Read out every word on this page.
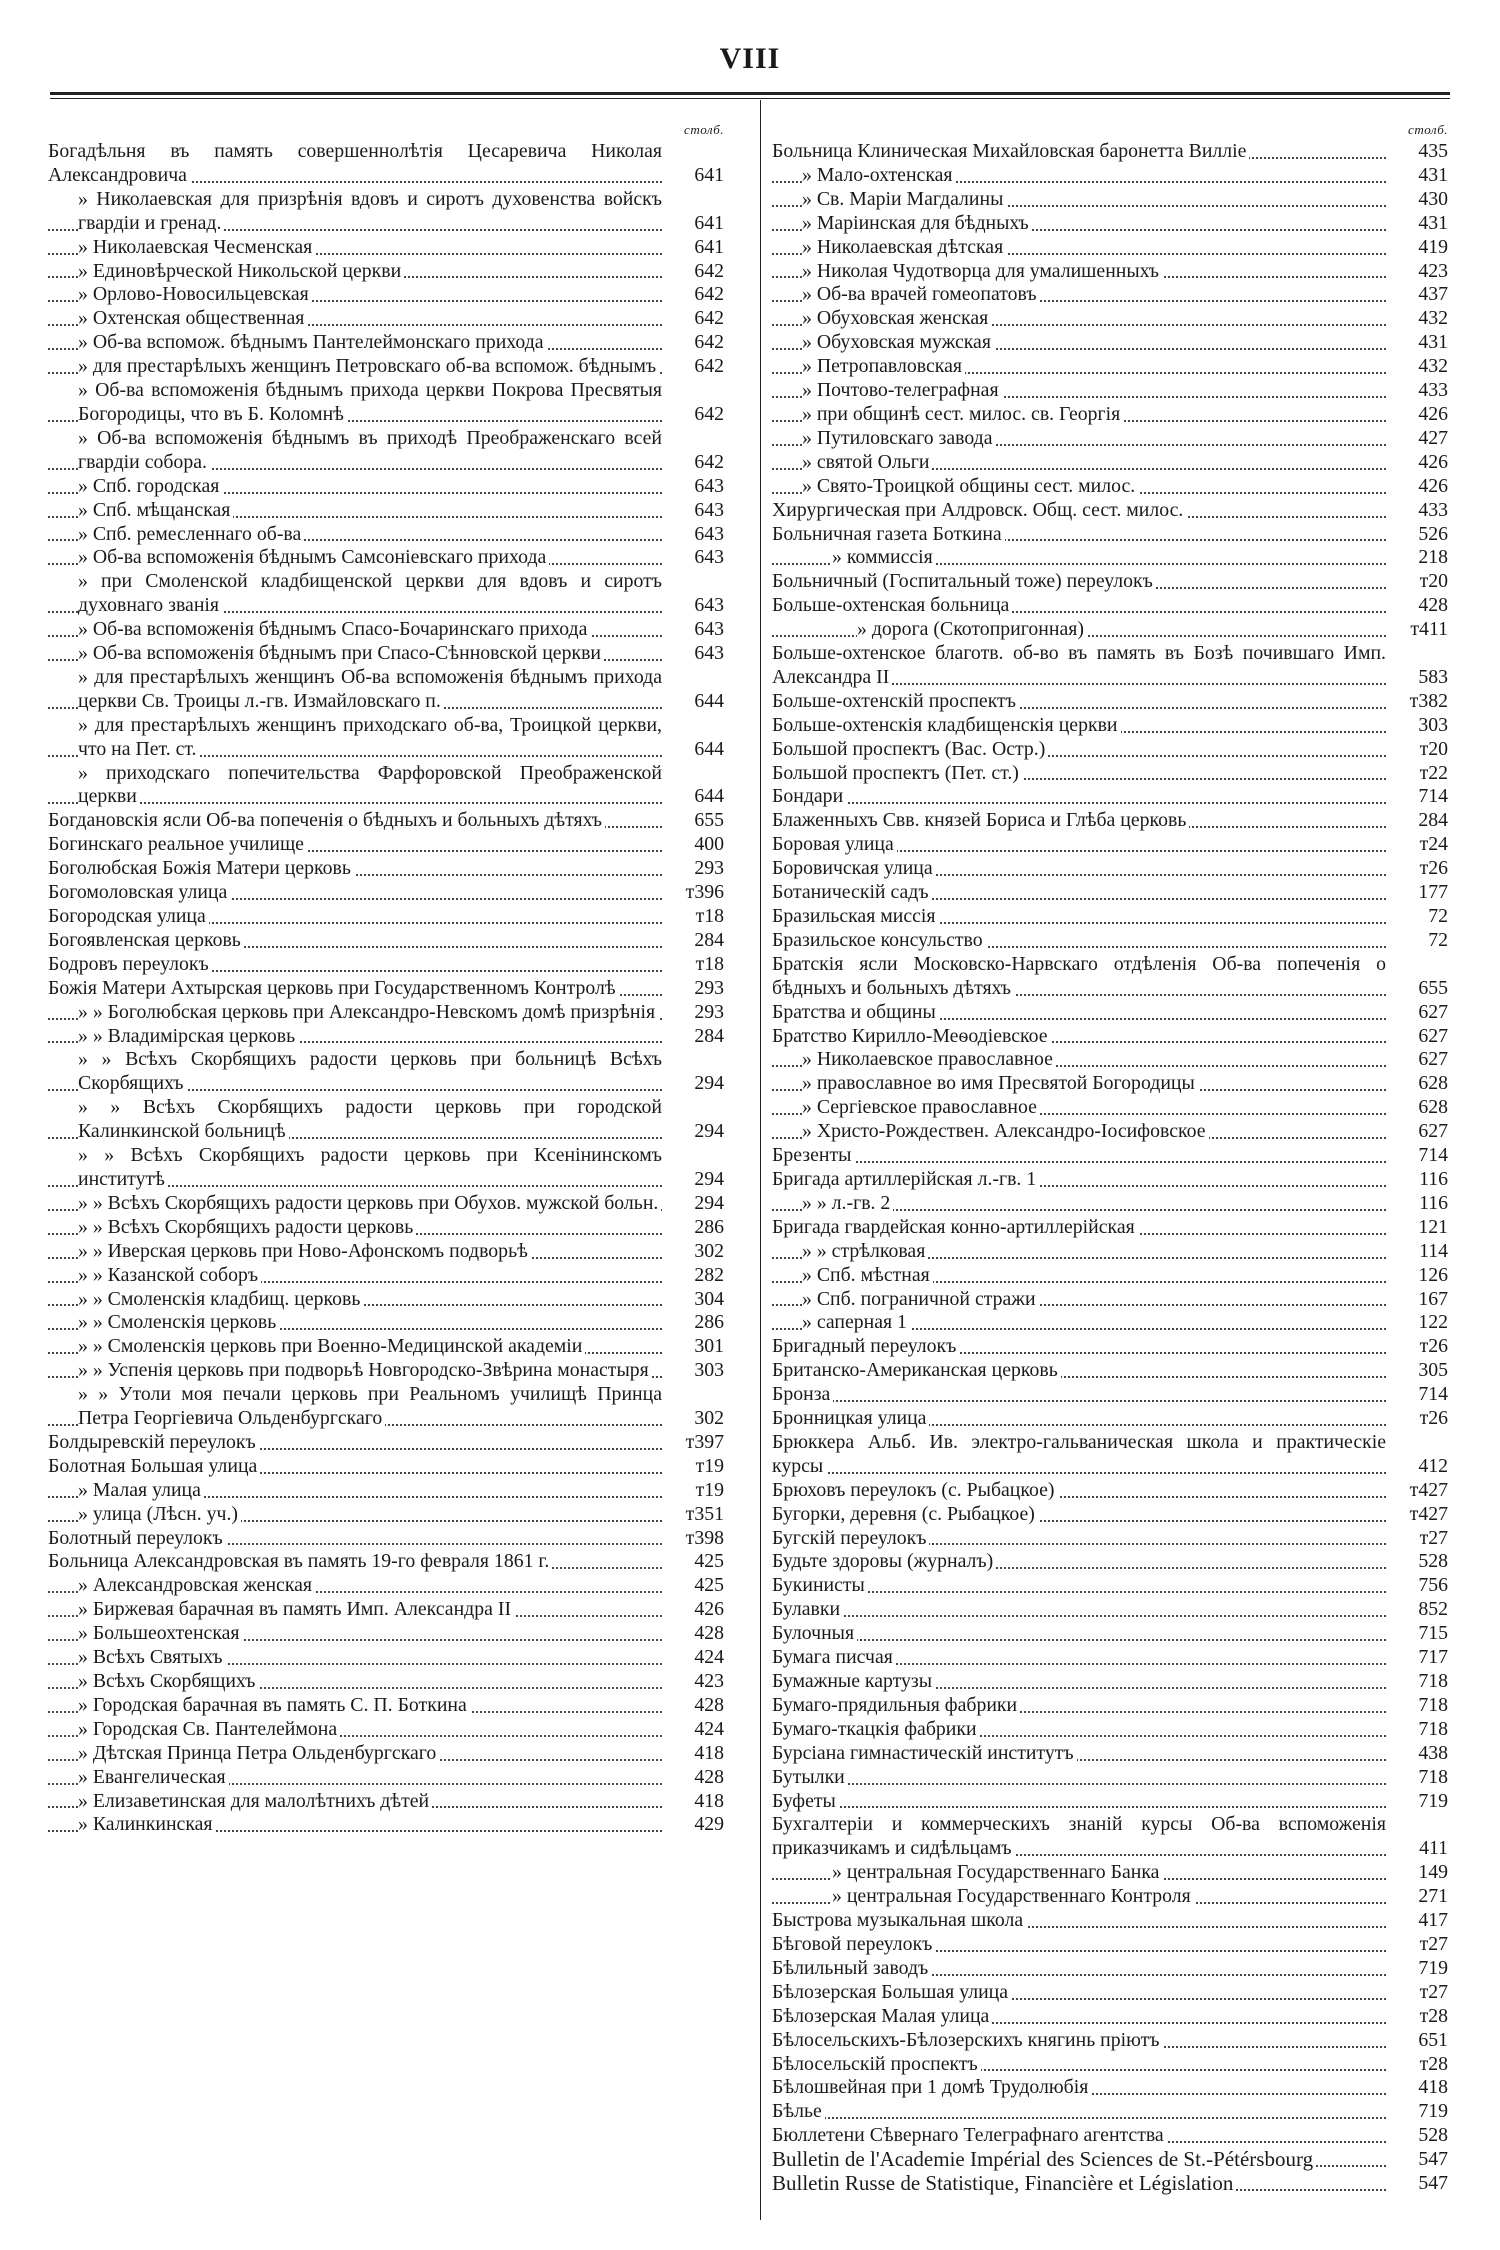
VIII
столб.
Богадѣльня въ память совершеннолѣтія Цесаревича Николая Александровича	641
» Николаевская для призрѣнія вдовъ и сиротъ духовенства войскъ гвардіи и гренад.	641
» Николаевская Чесменская	641
» Единовѣрческой Никольской церкви	642
» Орлово-Новосильцевская	642
» Охтенская общественная	642
» Об-ва вспомож. бѣднымъ Пантелеймонскаго прихода	642
» для престарѣлыхъ женщинъ Петровскаго об-ва вспомож. бѣднымъ	642
» Об-ва вспоможенія бѣднымъ прихода церкви Покрова Пресвятыя Богородицы, что въ Б. Коломнѣ	642
» Об-ва вспоможенія бѣднымъ въ приходѣ Преображенскаго всей гвардіи собора.	642
» Спб. городская	643
» Спб. мѣщанская	643
» Спб. ремесленнаго об-ва	643
» Об-ва вспоможенія бѣднымъ Самсоніевскаго прихода	643
» при Смоленской кладбищенской церкви для вдовъ и сиротъ духовнаго званія	643
» Об-ва вспоможенія бѣднымъ Спасо-Бочаринскаго прихода	643
» Об-ва вспоможенія бѣднымъ при Спасо-Сѣнновской церкви	643
» для престарѣлыхъ женщинъ Об-ва вспоможенія бѣднымъ прихода церкви Св. Троицы л.-гв. Измайловскаго п.	644
» для престарѣлыхъ женщинъ приходскаго об-ва, Троицкой церкви, что на Пет. ст.	644
» приходскаго попечительства Фарфоровской Преображенской церкви	644
Богдановскія ясли Об-ва попеченія о бѣдныхъ и больныхъ дѣтяхъ	655
Богинскаго реальное училище	400
Боголюбская Божія Матери церковь	293
Богомоловская улица	т396
Богородская улица	т18
Богоявленская церковь	284
Бодровъ переулокъ	т18
Божія Матери Ахтырская церковь при Государственномъ Контролѣ	293
» » Боголюбская церковь при Александро-Невскомъ домѣ призрѣнія	293
» » Владимірская церковь	284
» » Всѣхъ Скорбящихъ радости церковь при больницѣ Всѣхъ Скорбящихъ	294
» » Всѣхъ Скорбящихъ радости церковь при городской Калинкинской больницѣ	294
» » Всѣхъ Скорбящихъ радости церковь при Ксенінинскомъ институтѣ	294
» » Всѣхъ Скорбящихъ радости церковь при Обухов. мужской больн.	294
» » Всѣхъ Скорбящихъ радости церковь	286
» » Иверская церковь при Ново-Афонскомъ подворьѣ	302
» » Казанской соборъ	282
» » Смоленскія кладбищ. церковь	304
» » Смоленскія церковь	286
» » Смоленскія церковь при Военно-Медицинской академіи	301
» » Успенія церковь при подворьѣ Новгородско-Звѣрина монастыря	303
» » Утоли моя печали церковь при Реальномъ училищѣ Принца Петра Георгіевича Ольденбургскаго	302
Болдыревскій переулокъ	т397
Болотная Большая улица	т19
» Малая улица	т19
» улица (Лѣсн. уч.)	т351
Болотный переулокъ	т398
Больница Александровская въ память 19-го февраля 1861 г.	425
» Александровская женская	425
» Биржевая барачная въ память Имп. Александра II	426
» Большеохтенская	428
» Всѣхъ Святыхъ	424
» Всѣхъ Скорбящихъ	423
» Городская барачная въ память С. П. Боткина	428
» Городская Св. Пантелеймона	424
» Дѣтская Принца Петра Ольденбургскаго	418
» Евангелическая	428
» Елизаветинская для малолѣтнихъ дѣтей	418
» Калинкинская	429
столб.
Больница Клиническая Михайловская баронетта Виллie	435
» Мало-охтенская	431
» Св. Маріи Магдалины	430
» Маріинская для бѣдныхъ	431
» Николаевская дѣтская	419
» Николая Чудотворца для умалишенныхъ	423
» Об-ва врачей гомеопатовъ	437
» Обуховская женская	432
» Обуховская мужская	431
» Петропавловская	432
» Почтово-телеграфная	433
» при общинѣ сест. милос. св. Георгія	426
» Путиловскаго завода	427
» святой Ольги	426
» Свято-Троицкой общины сест. милос.	426
Хирургическая при Алдровск. Общ. сест. милос.	433
Больничная газета Боткина	526
» коммиссія	218
Больничный (Госпитальный тоже) переулокъ	т20
Больше-охтенская больница	428
» дорога (Скотопригонная)	т411
Больше-охтенское благотв. об-во въ память въ Бозѣ почившаго Имп. Александра II	583
Больше-охтенскій проспектъ	т382
Больше-охтенскія кладбищенскія церкви	303
Большой проспектъ (Вас. Остр.)	т20
Большой проспектъ (Пет. ст.)	т22
Бондари	714
Блаженныхъ Свв. князей Бориса и Глѣба церковь	284
Боровая улица	т24
Боровичская улица	т26
Ботаническій садъ	177
Бразильская миссія	72
Бразильское консульство	72
Братскія ясли Московско-Нарвскаго отдѣленія Об-ва попеченія о бѣдныхъ и больныхъ дѣтяхъ	655
Братства и общины	627
Братство Кирилло-Меѳодіевское	627
» Николаевское православное	627
» православное во имя Пресвятой Богородицы	628
» Сергіевское православное	628
» Христо-Рождествен. Александро-Іосифовское	627
Брезенты	714
Бригада артиллерійская л.-гв. 1	116
» » л.-гв. 2	116
Бригада гвардейская конно-артиллерійская	121
» » стрѣлковая	114
» Спб. мѣстная	126
» Спб. пограничной стражи	167
» саперная 1	122
Бригадный переулокъ	т26
Британско-Американская церковь	305
Бронза	714
Бронницкая улица	т26
Брюккера Альб. Ив. электро-гальваническая школа и практическіе курсы	412
Брюховъ переулокъ (с. Рыбацкое)	т427
Бугорки, деревня (с. Рыбацкое)	т427
Бугскій переулокъ	т27
Будьте здоровы (журналъ)	528
Букинисты	756
Булавки	852
Булочныя	715
Бумага писчая	717
Бумажные картузы	718
Бумаго-прядильныя фабрики	718
Бумаго-ткацкія фабрики	718
Бурсіана гимнастическій институтъ	438
Бутылки	718
Буфеты	719
Бухгалтеріи и коммерческихъ знаній курсы Об-ва вспоможенія приказчикамъ и сидѣльцамъ	411
» центральная Государственнаго Банка	149
» центральная Государственнаго Контроля	271
Быстрова музыкальная школа	417
Бѣговой переулокъ	т27
Бѣлильный заводъ	719
Бѣлозерская Большая улица	т27
Бѣлозерская Малая улица	т28
Бѣлосельскихъ-Бѣлозерскихъ княгинь пріютъ	651
Бѣлосельскій проспектъ	т28
Бѣлошвейная при 1 домѣ Трудолюбія	418
Бѣлье	719
Бюллетени Сѣвернаго Телеграфнаго агентства	528
Bulletin de l'Academie Impérial des Sciences de St.-Pétérsbourg	547
Bulletin Russe de Statistique, Financière et Législation	547
